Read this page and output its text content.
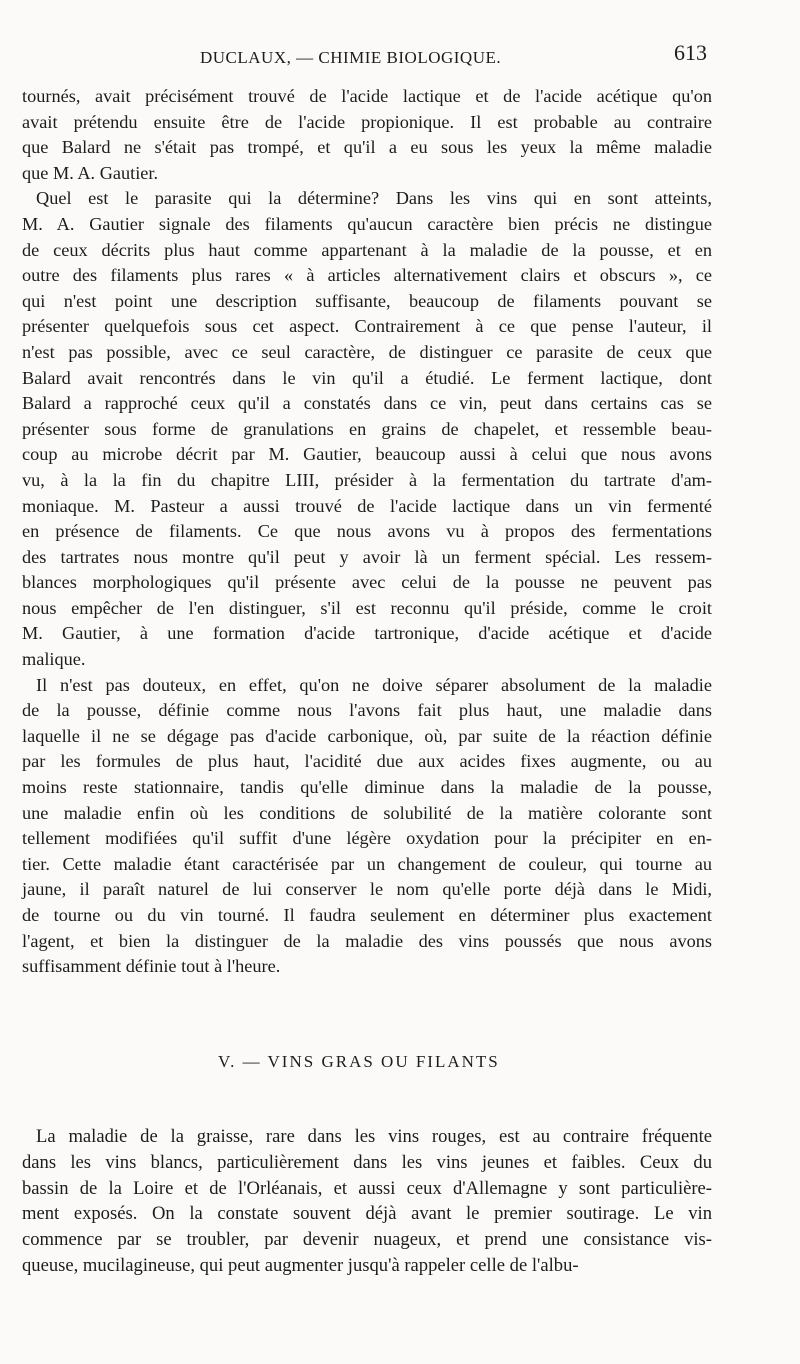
DUCLAUX, — CHIMIE BIOLOGIQUE.	613

tournés, avait précisément trouvé de l'acide lactique et de l'acide acétique qu'on
avait prétendu ensuite être de l'acide propionique. Il est probable au contraire
que Balard ne s'était pas trompé, et qu'il a eu sous les yeux la même maladie
que M. A. Gautier.

Quel est le parasite qui la détermine? Dans les vins qui en sont atteints,
M. A. Gautier signale des filaments qu'aucun caractère bien précis ne distingue
de ceux décrits plus haut comme appartenant à la maladie de la pousse, et en
outre des filaments plus rares « à articles alternativement clairs et obscurs », ce
qui n'est point une description suffisante, beaucoup de filaments pouvant se
présenter quelquefois sous cet aspect. Contrairement à ce que pense l'auteur, il
n'est pas possible, avec ce seul caractère, de distinguer ce parasite de ceux que
Balard avait rencontrés dans le vin qu'il a étudié. Le ferment lactique, dont
Balard a rapproché ceux qu'il a constatés dans ce vin, peut dans certains cas se
présenter sous forme de granulations en grains de chapelet, et ressemble beau-
coup au microbe décrit par M. Gautier, beaucoup aussi à celui que nous avons
vu, à la la fin du chapitre LIII, présider à la fermentation du tartrate d'am-
moniaque. M. Pasteur a aussi trouvé de l'acide lactique dans un vin fermenté
en présence de filaments. Ce que nous avons vu à propos des fermentations
des tartrates nous montre qu'il peut y avoir là un ferment spécial. Les ressem-
blances morphologiques qu'il présente avec celui de la pousse ne peuvent pas
nous empêcher de l'en distinguer, s'il est reconnu qu'il préside, comme le croit
M. Gautier, à une formation d'acide tartronique, d'acide acétique et d'acide
malique.

Il n'est pas douteux, en effet, qu'on ne doive séparer absolument de la maladie
de la pousse, définie comme nous l'avons fait plus haut, une maladie dans
laquelle il ne se dégage pas d'acide carbonique, où, par suite de la réaction définie
par les formules de plus haut, l'acidité due aux acides fixes augmente, ou au
moins reste stationnaire, tandis qu'elle diminue dans la maladie de la pousse,
une maladie enfin où les conditions de solubilité de la matière colorante sont
tellement modifiées qu'il suffit d'une légère oxydation pour la précipiter en en-
tier. Cette maladie étant caractérisée par un changement de couleur, qui tourne au
jaune, il paraît naturel de lui conserver le nom qu'elle porte déjà dans le Midi,
de tourne ou du vin tourné. Il faudra seulement en déterminer plus exactement
l'agent, et bien la distinguer de la maladie des vins poussés que nous avons
suffisamment définie tout à l'heure.

V. — VINS GRAS OU FILANTS

La maladie de la graisse, rare dans les vins rouges, est au contraire fréquente
dans les vins blancs, particulièrement dans les vins jeunes et faibles. Ceux du
bassin de la Loire et de l'Orléanais, et aussi ceux d'Allemagne y sont particulière-
ment exposés. On la constate souvent déjà avant le premier soutirage. Le vin
commence par se troubler, par devenir nuageux, et prend une consistance vis-
queuse, mucilagineuse, qui peut augmenter jusqu'à rappeler celle de l'albu-
